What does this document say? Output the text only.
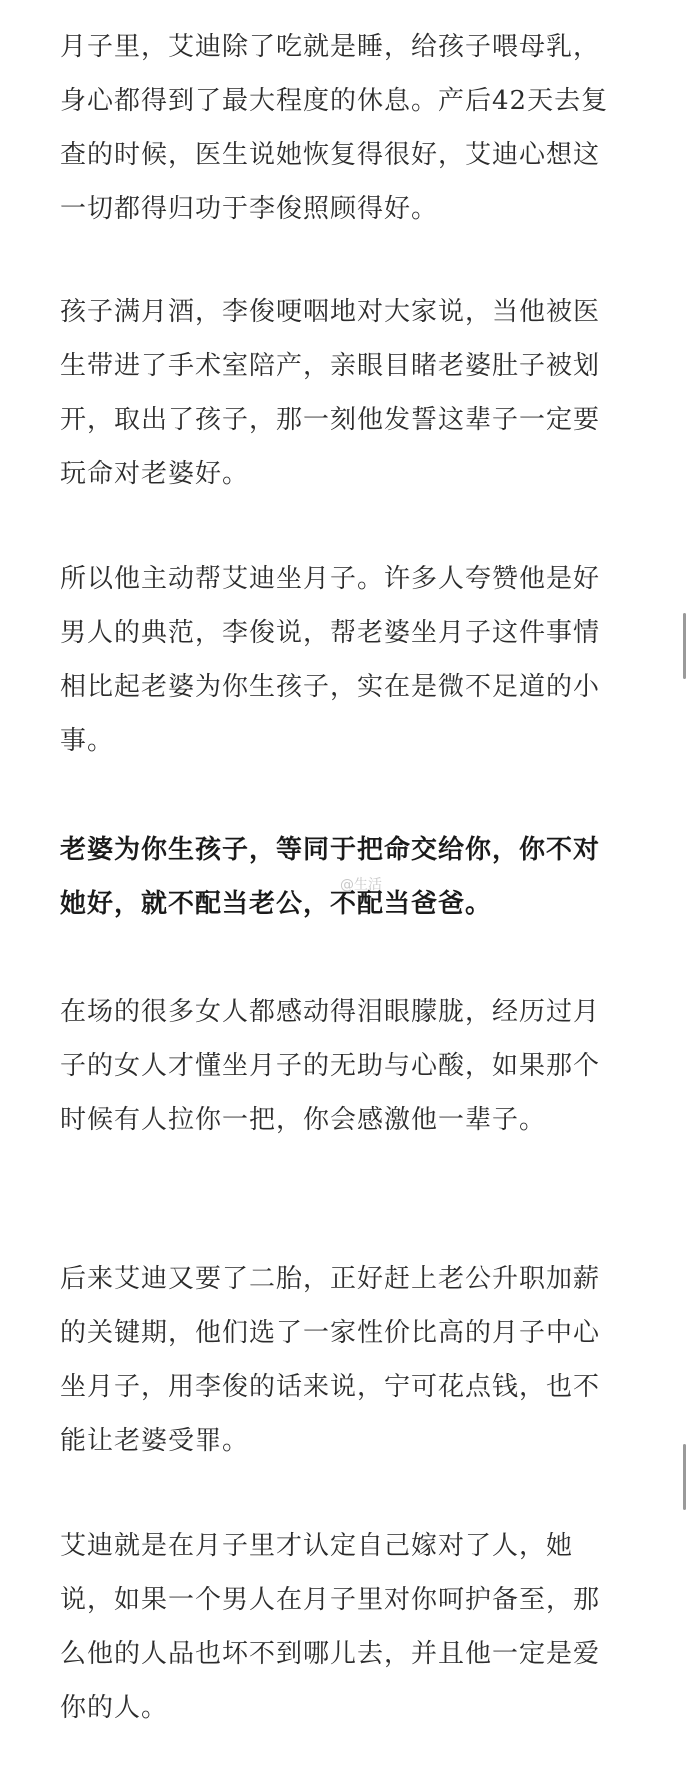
月子里，艾迪除了吃就是睡，给孩子喂母乳，身心都得到了最大程度的休息。产后42天去复查的时候，医生说她恢复得很好，艾迪心想这一切都得归功于李俊照顾得好。

孩子满月酒，李俊哽咽地对大家说，当他被医生带进了手术室陪产，亲眼目睹老婆肚子被划开，取出了孩子，那一刻他发誓这辈子一定要玩命对老婆好。

所以他主动帮艾迪坐月子。许多人夸赞他是好男人的典范，李俊说，帮老婆坐月子这件事情相比起老婆为你生孩子，实在是微不足道的小事。

老婆为你生孩子，等同于把命交给你，你不对她好，就不配当老公，不配当爸爸。

在场的很多女人都感动得泪眼朦胧，经历过月子的女人才懂坐月子的无助与心酸，如果那个时候有人拉你一把，你会感激他一辈子。

后来艾迪又要了二胎，正好赶上老公升职加薪的关键期，他们选了一家性价比高的月子中心坐月子，用李俊的话来说，宁可花点钱，也不能让老婆受罪。

艾迪就是在月子里才认定自己嫁对了人，她说，如果一个男人在月子里对你呵护备至，那么他的人品也坏不到哪儿去，并且他一定是爱你的人。

@生活
